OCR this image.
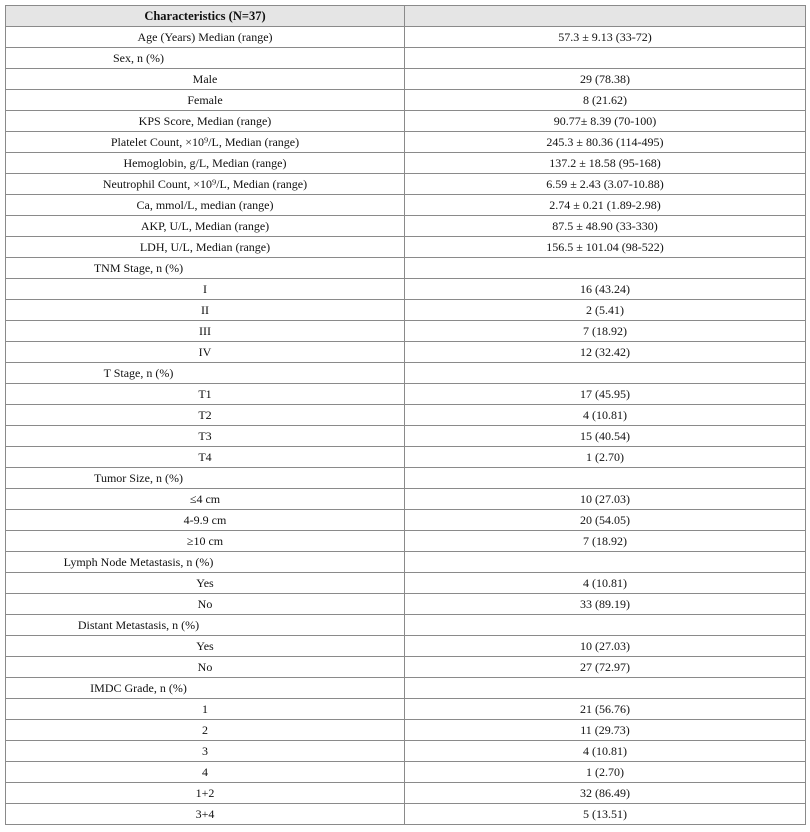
Characteristics (N=37)	
Age (Years) Median (range)	57.3 ± 9.13 (33-72)
Sex, n (%)	
Male	29 (78.38)
Female	8 (21.62)
KPS Score, Median (range)	90.77± 8.39 (70-100)
Platelet Count, ×10⁹/L, Median (range)	245.3 ± 80.36 (114-495)
Hemoglobin, g/L, Median (range)	137.2 ± 18.58 (95-168)
Neutrophil Count, ×10⁹/L, Median (range)	6.59 ± 2.43 (3.07-10.88)
Ca, mmol/L, median (range)	2.74 ± 0.21 (1.89-2.98)
AKP, U/L, Median (range)	87.5 ± 48.90 (33-330)
LDH, U/L, Median (range)	156.5 ± 101.04 (98-522)
TNM Stage, n (%)	
I	16 (43.24)
II	2 (5.41)
III	7 (18.92)
IV	12 (32.42)
T Stage, n (%)	
T1	17 (45.95)
T2	4 (10.81)
T3	15 (40.54)
T4	1 (2.70)
Tumor Size, n (%)	
≤4 cm	10 (27.03)
4-9.9 cm	20 (54.05)
≥10 cm	7 (18.92)
Lymph Node Metastasis, n (%)	
Yes	4 (10.81)
No	33 (89.19)
Distant Metastasis, n (%)	
Yes	10 (27.03)
No	27 (72.97)
IMDC Grade, n (%)	
1	21 (56.76)
2	11 (29.73)
3	4 (10.81)
4	1 (2.70)
1+2	32 (86.49)
3+4	5 (13.51)
